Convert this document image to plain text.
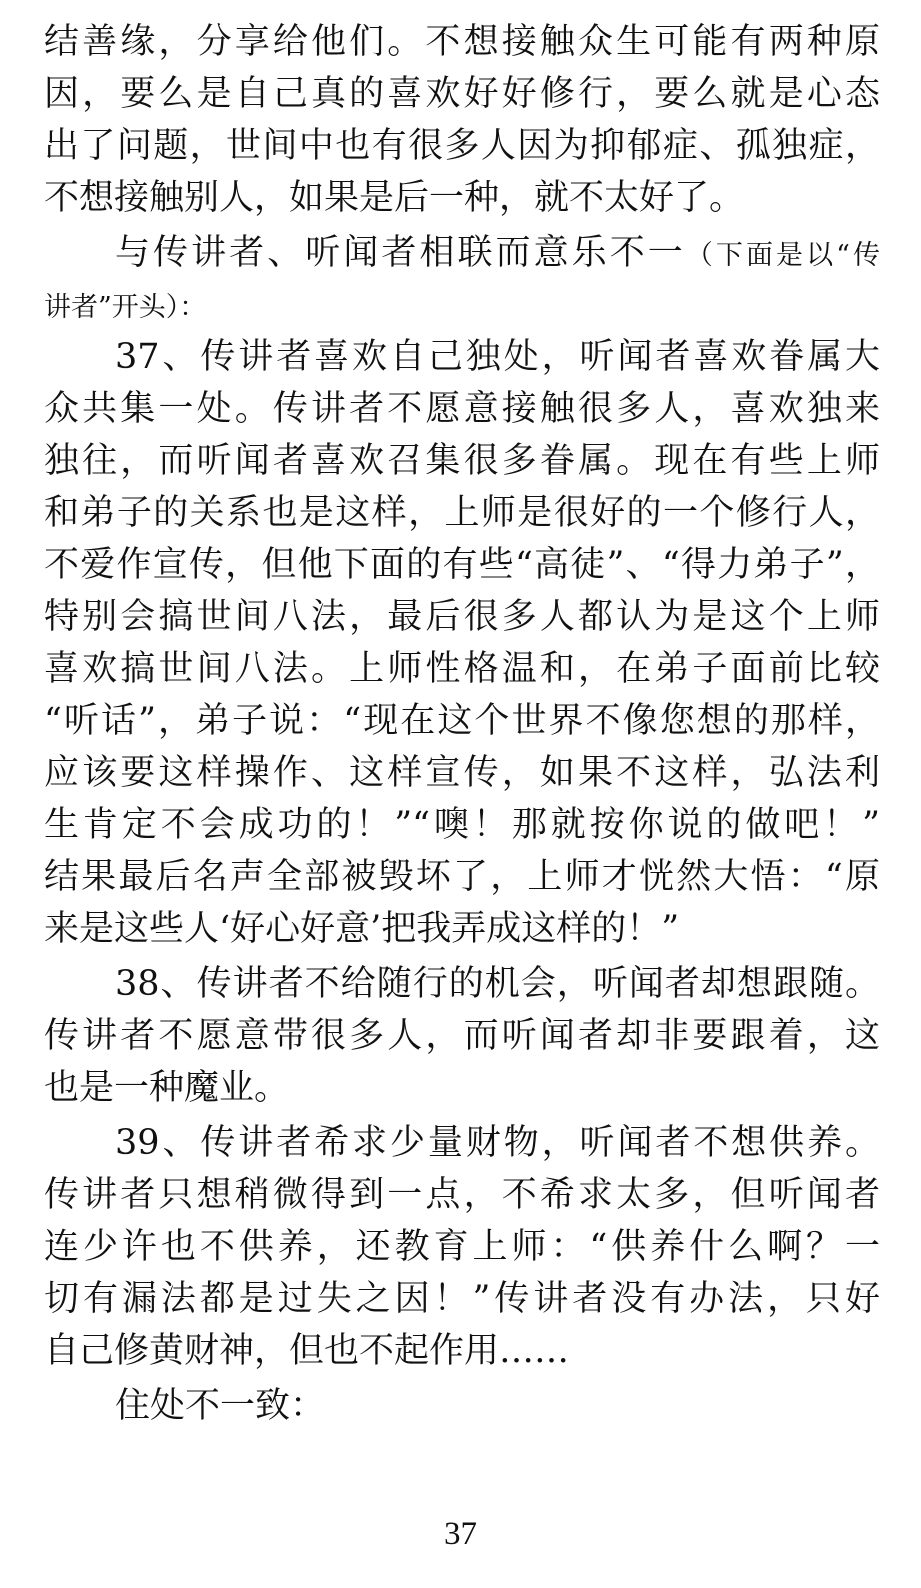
结善缘，分享给他们。不想接触众生可能有两种原
因，要么是自己真的喜欢好好修行，要么就是心态
出了问题，世间中也有很多人因为抑郁症、孤独症，
不想接触别人，如果是后一种，就不太好了。
与传讲者、听闻者相联而意乐不一（下面是以“传
讲者”开头）：
37、传讲者喜欢自己独处，听闻者喜欢眷属大
众共集一处。传讲者不愿意接触很多人，喜欢独来
独往，而听闻者喜欢召集很多眷属。现在有些上师
和弟子的关系也是这样，上师是很好的一个修行人，
不爱作宣传，但他下面的有些“高徒”、“得力弟子”，
特别会搞世间八法，最后很多人都认为是这个上师
喜欢搞世间八法。上师性格温和，在弟子面前比较
“听话”，弟子说：“现在这个世界不像您想的那样，
应该要这样操作、这样宣传，如果不这样，弘法利
生肯定不会成功的！”“噢！那就按你说的做吧！”
结果最后名声全部被毁坏了，上师才恍然大悟：“原
来是这些人‘好心好意’把我弄成这样的！”
38、传讲者不给随行的机会，听闻者却想跟随。
传讲者不愿意带很多人，而听闻者却非要跟着，这
也是一种魔业。
39、传讲者希求少量财物，听闻者不想供养。
传讲者只想稍微得到一点，不希求太多，但听闻者
连少许也不供养，还教育上师：“供养什么啊？一
切有漏法都是过失之因！”传讲者没有办法，只好
自己修黄财神，但也不起作用……
住处不一致：
37
